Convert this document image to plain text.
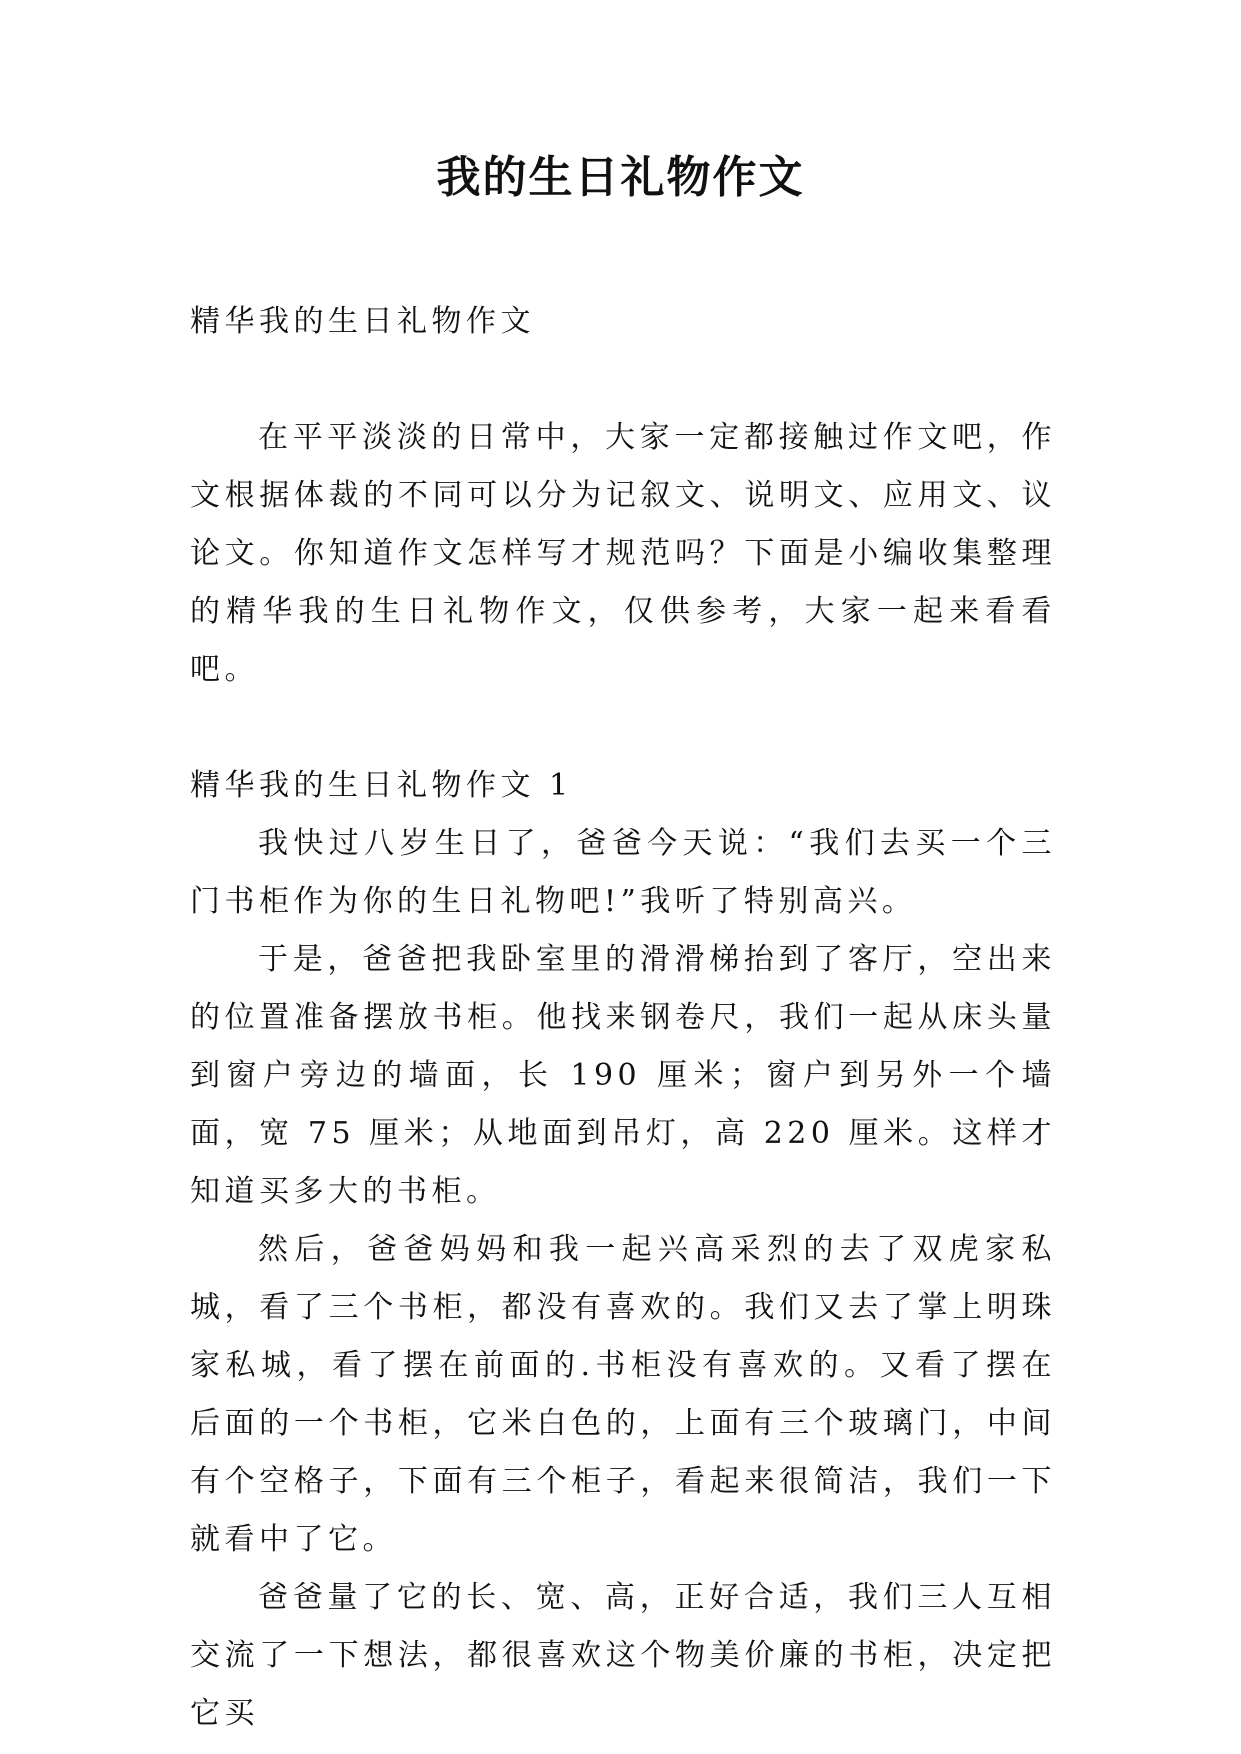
我的生日礼物作文

精华我的生日礼物作文

在平平淡淡的日常中，大家一定都接触过作文吧，作文根据体裁的不同可以分为记叙文、说明文、应用文、议论文。你知道作文怎样写才规范吗？下面是小编收集整理的精华我的生日礼物作文，仅供参考，大家一起来看看吧。

精华我的生日礼物作文 1

我快过八岁生日了，爸爸今天说：“我们去买一个三门书柜作为你的生日礼物吧!”我听了特别高兴。

于是，爸爸把我卧室里的滑滑梯抬到了客厅，空出来的位置准备摆放书柜。他找来钢卷尺，我们一起从床头量到窗户旁边的墙面，长 190 厘米；窗户到另外一个墙面，宽 75 厘米；从地面到吊灯，高 220 厘米。这样才知道买多大的书柜。

然后，爸爸妈妈和我一起兴高采烈的去了双虎家私城，看了三个书柜，都没有喜欢的。我们又去了掌上明珠家私城，看了摆在前面的.书柜没有喜欢的。又看了摆在后面的一个书柜，它米白色的，上面有三个玻璃门，中间有个空格子，下面有三个柜子，看起来很简洁，我们一下就看中了它。

爸爸量了它的长、宽、高，正好合适，我们三人互相交流了一下想法，都很喜欢这个物美价廉的书柜，决定把它买
